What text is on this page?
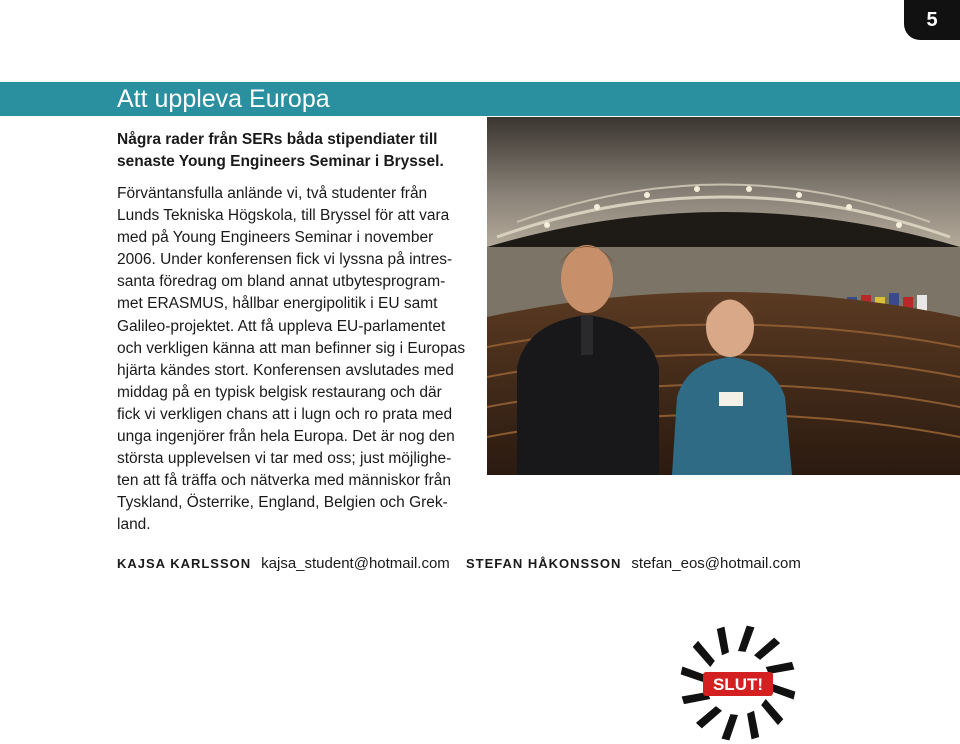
5
Att uppleva Europa
Några rader från SERs båda stipendiater till senaste Young Engineers Seminar i Bryssel.
Förväntansfulla anlände vi, två studenter från
Lunds Tekniska Högskola, till Bryssel för att vara
med på Young Engineers Seminar i november
2006. Under konferensen fick vi lyssna på intres-
santa föredrag om bland annat utbytesprogram-
met ERASMUS, hållbar energipolitik i EU samt
Galileo-projektet. Att få uppleva EU-parlamentet
och verkligen känna att man befinner sig i Europas
hjärta kändes stort. Konferensen avslutades med
middag på en typisk belgisk restaurang och där
fick vi verkligen chans att i lugn och ro prata med
unga ingenjörer från hela Europa. Det är nog den
största upplevelsen vi tar med oss; just möjlighe-
ten att få träffa och nätverka med människor från
Tyskland, Österrike, England, Belgien och Grek-
land.
KAJSA KARLSSON kajsa_student@hotmail.com STEFAN HÅKONSSON stefan_eos@hotmail.com
SLUT!
